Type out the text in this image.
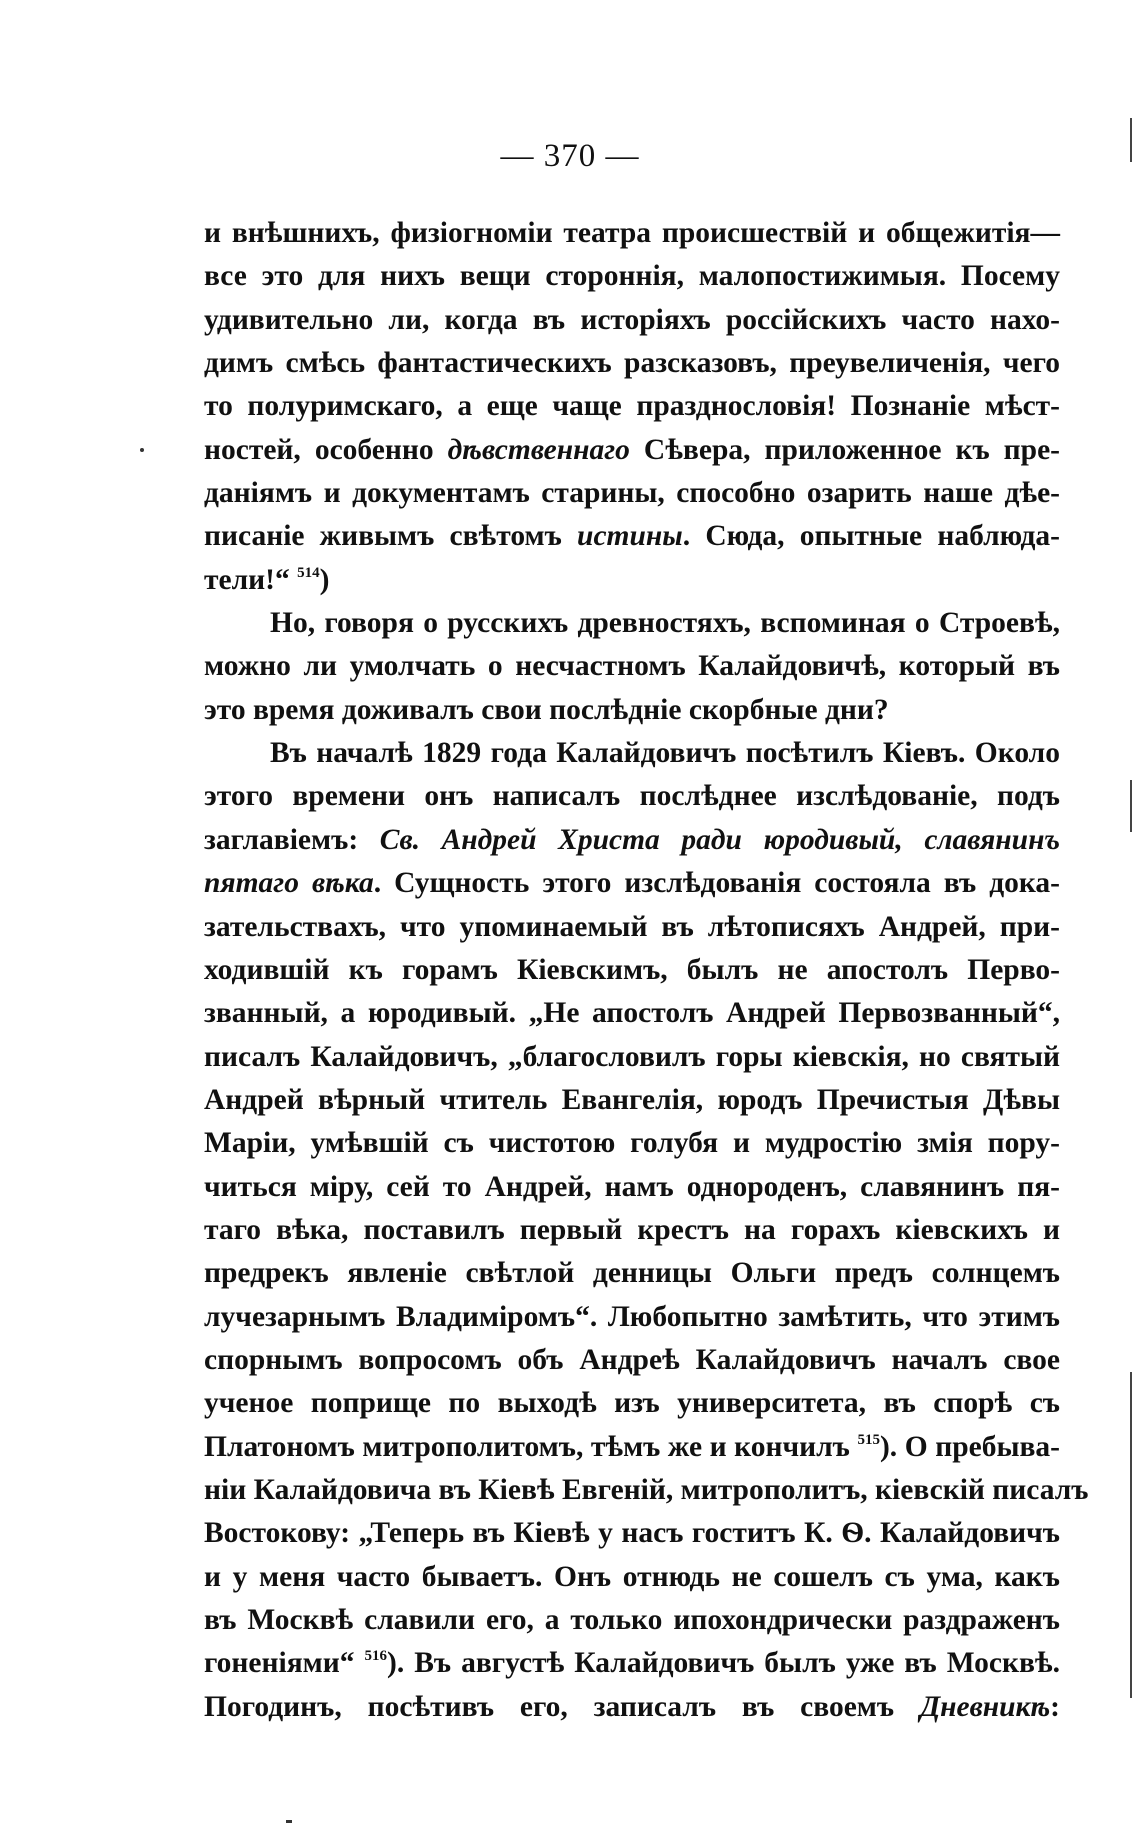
— 370 —
и внѣшнихъ, физіогноміи театра происшествій и общежитія—
все это для нихъ вещи стороннія, малопостижимыя. Посему
удивительно ли, когда въ исторіяхъ россійскихъ часто нахо-
димъ смѣсь фантастическихъ разсказовъ, преувеличенія, чего
то полуримскаго, а еще чаще празднословія! Познаніе мѣст-
ностей, особенно дѣвственнаго Сѣвера, приложенное къ пре-
даніямъ и документамъ старины, способно озарить наше дѣе-
писаніе живымъ свѣтомъ истины. Сюда, опытные наблюда-
тели!“ $^{514}$)
Но, говоря о русскихъ древностяхъ, вспоминая о Строевѣ,
можно ли умолчать о несчастномъ Калайдовичѣ, который въ
это время доживалъ свои послѣдніе скорбные дни?
Въ началѣ 1829 года Калайдовичъ посѣтилъ Кіевъ. Около
этого времени онъ написалъ послѣднее изслѣдованіе, подъ
заглавіемъ: Св. Андрей Христа ради юродивый, славянинъ
пятаго вѣка. Сущность этого изслѣдованія состояла въ дока-
зательствахъ, что упоминаемый въ лѣтописяхъ Андрей, при-
ходившій къ горамъ Кіевскимъ, былъ не апостолъ Перво-
званный, а юродивый. „Не апостолъ Андрей Первозванный“,
писалъ Калайдовичъ, „благословилъ горы кіевскія, но святый
Андрей вѣрный чтитель Евангелія, юродъ Пречистыя Дѣвы
Маріи, умѣвшій съ чистотою голубя и мудростію змія пору-
читься міру, сей то Андрей, намъ однороденъ, славянинъ пя-
таго вѣка, поставилъ первый крестъ на горахъ кіевскихъ и
предрекъ явленіе свѣтлой денницы Ольги предъ солнцемъ
лучезарнымъ Владиміромъ“. Любопытно замѣтить, что этимъ
спорнымъ вопросомъ объ Андреѣ Калайдовичъ началъ свое
ученое поприще по выходѣ изъ университета, въ спорѣ съ
Платономъ митрополитомъ, тѣмъ же и кончилъ $^{515}$). О пребыва-
ніи Калайдовича въ Кіевѣ Евгеній, митрополитъ, кіевскій писалъ
Востокову: „Теперь въ Кіевѣ у насъ гоститъ К. Ѳ. Калайдовичъ
и у меня часто бываетъ. Онъ отнюдь не сошелъ съ ума, какъ
въ Москвѣ славили его, а только ипохондрически раздраженъ
гоненіями“ $^{516}$). Въ августѣ Калайдовичъ былъ уже въ Москвѣ.
Погодинъ, посѣтивъ его, записалъ въ своемъ Дневникѣ:
